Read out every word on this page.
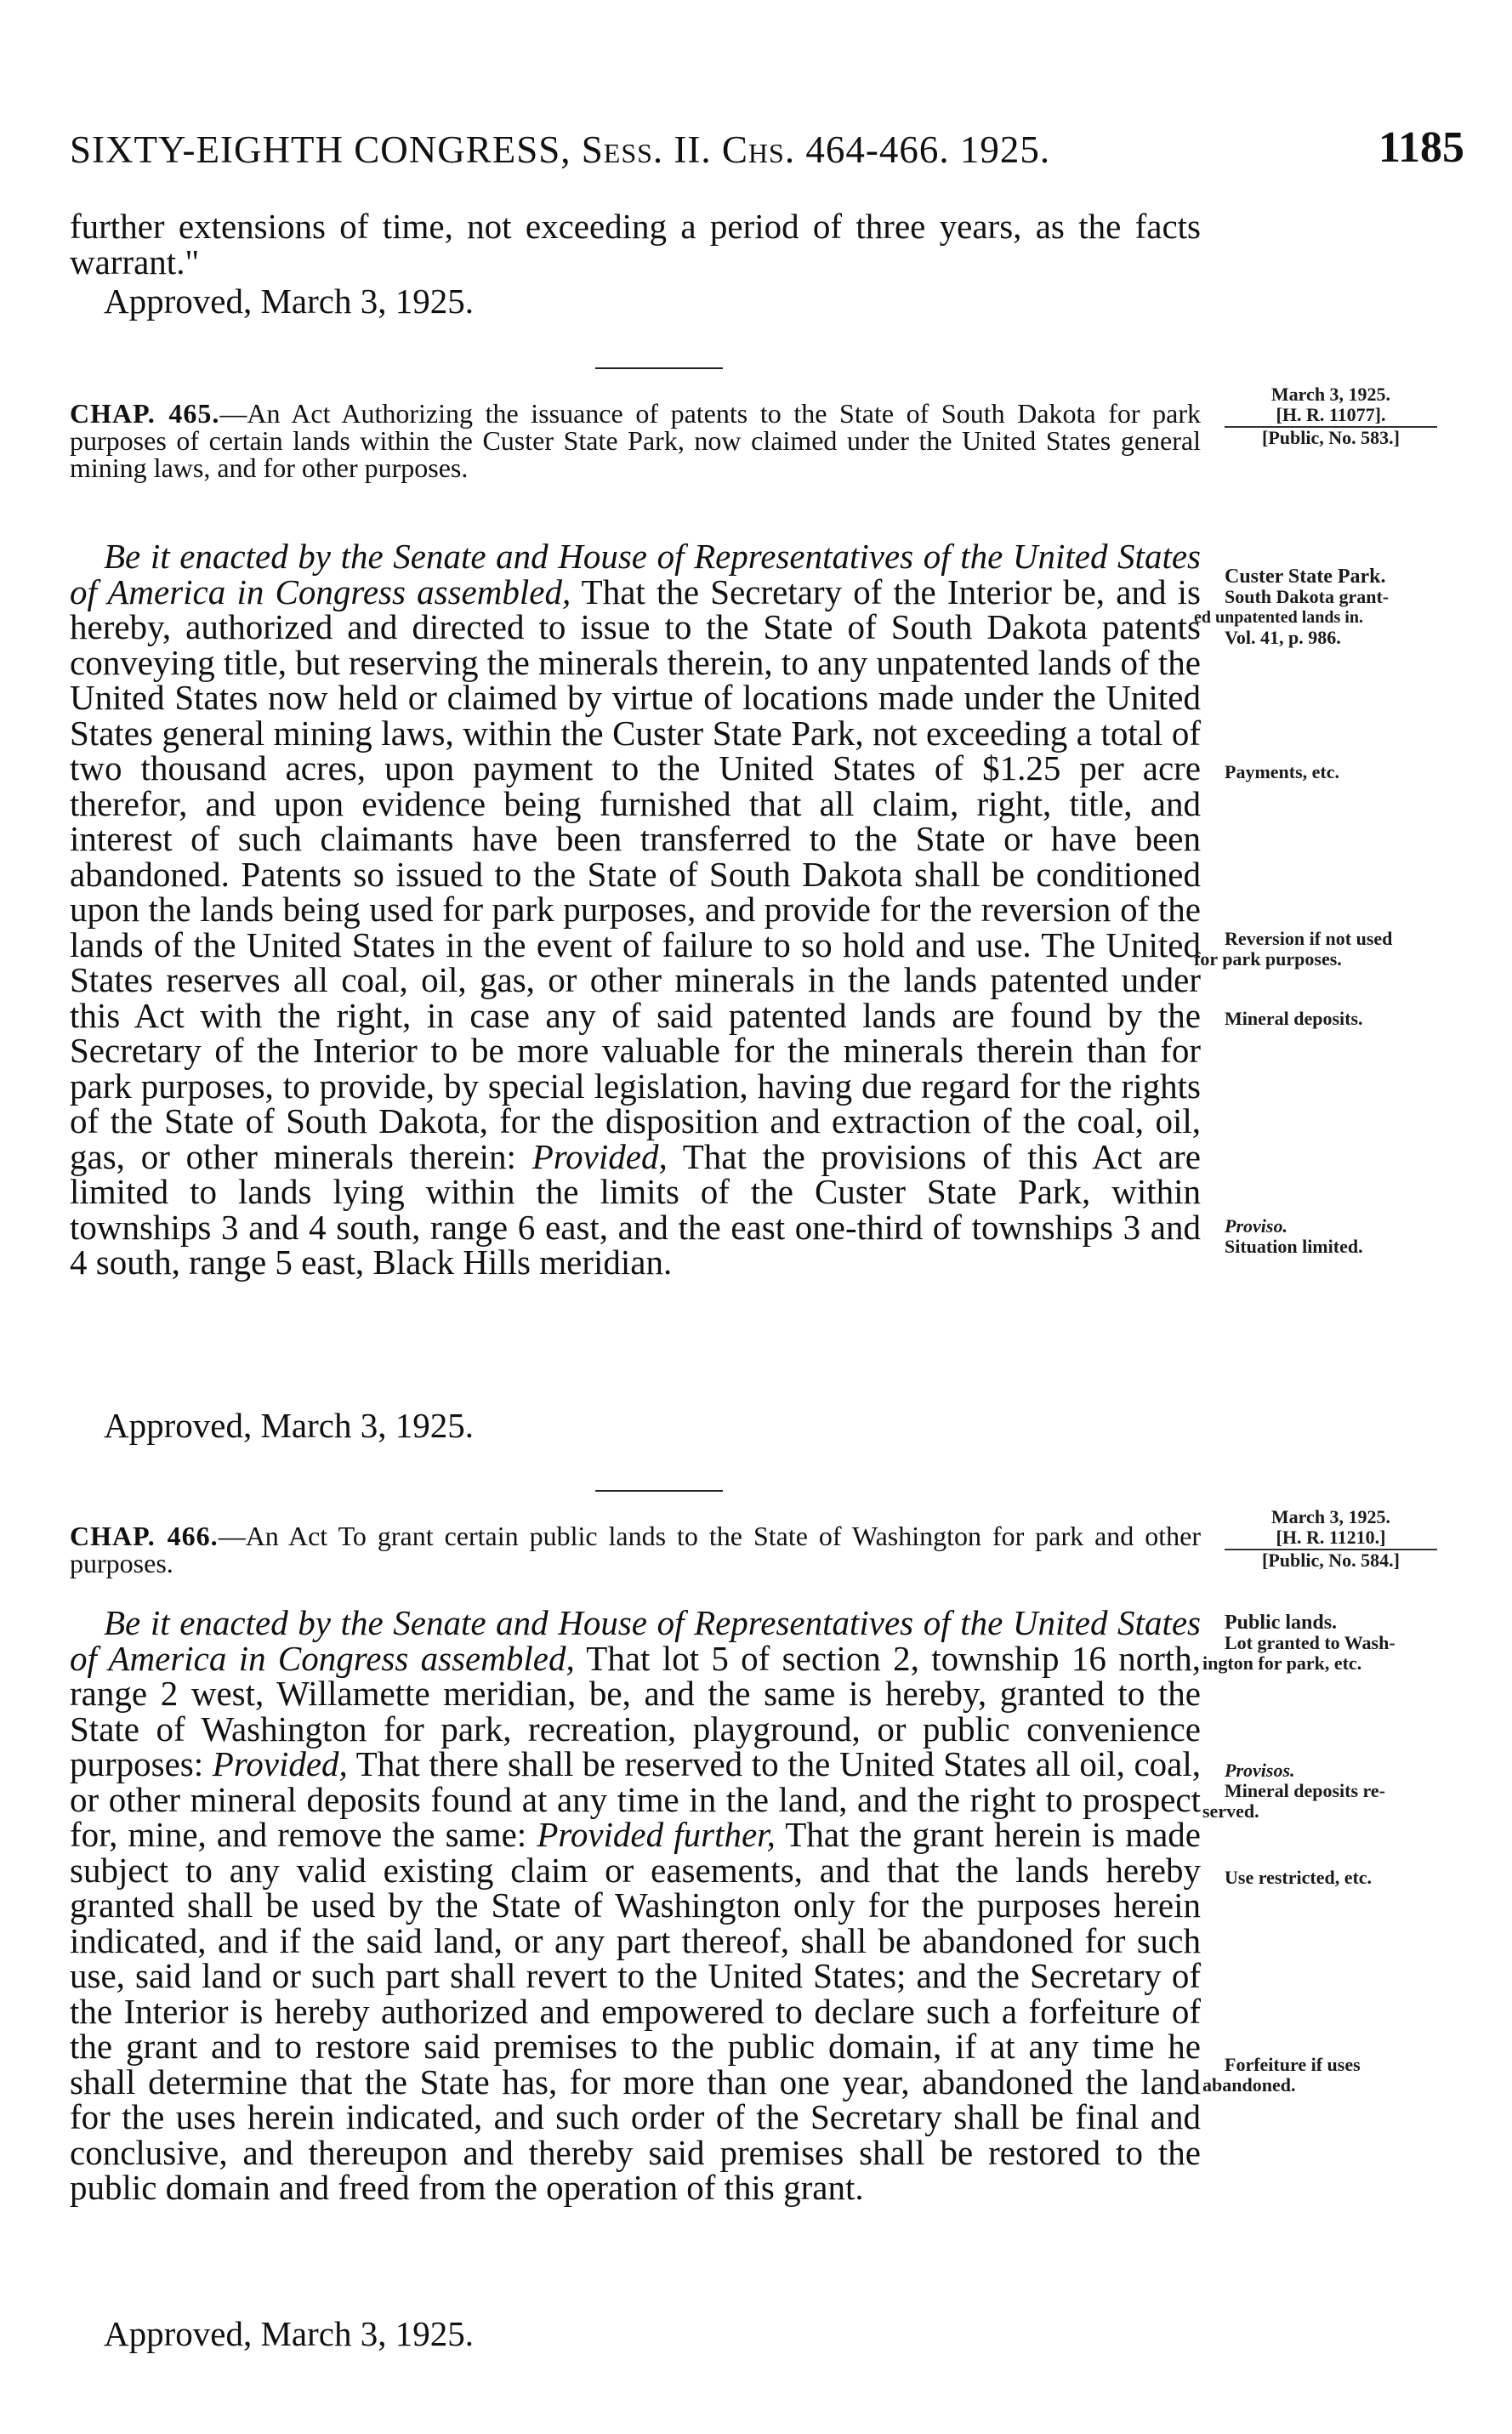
SIXTY-EIGHTH CONGRESS, Sess. II. Chs. 464-466. 1925.	1185

further extensions of time, not exceeding a period of three years, as the facts warrant."

Approved, March 3, 1925.
March 3, 1925.
[H. R. 11077].
[Public, No. 583.]
CHAP. 465.—An Act Authorizing the issuance of patents to the State of South Dakota for park purposes of certain lands within the Custer State Park, now claimed under the United States general mining laws, and for other purposes.

Be it enacted by the Senate and House of Representatives of the United States of America in Congress assembled, That the Secretary of the Interior be, and is hereby, authorized and directed to issue to the State of South Dakota patents conveying title, but reserving the minerals therein, to any unpatented lands of the United States now held or claimed by virtue of locations made under the United States general mining laws, within the Custer State Park, not exceeding a total of two thousand acres, upon payment to the United States of $1.25 per acre therefor, and upon evidence being furnished that all claim, right, title, and interest of such claimants have been transferred to the State or have been abandoned. Patents so issued to the State of South Dakota shall be conditioned upon the lands being used for park purposes, and provide for the reversion of the lands of the United States in the event of failure to so hold and use. The United States reserves all coal, oil, gas, or other minerals in the lands patented under this Act with the right, in case any of said patented lands are found by the Secretary of the Interior to be more valuable for the minerals therein than for park purposes, to provide, by special legislation, having due regard for the rights of the State of South Dakota, for the disposition and extraction of the coal, oil, gas, or other minerals therein: Provided, That the provisions of this Act are limited to lands lying within the limits of the Custer State Park, within townships 3 and 4 south, range 6 east, and the east one-third of townships 3 and 4 south, range 5 east, Black Hills meridian.

Approved, March 3, 1925.
Custer State Park.
South Dakota grant-
ed unpatented lands in.
Vol. 41, p. 986.
Payments, etc.
Reversion if not used
for park purposes.
Mineral deposits.
Proviso.
Situation limited.
March 3, 1925.
[H. R. 11210.]
[Public, No. 584.]
CHAP. 466.—An Act To grant certain public lands to the State of Washington for park and other purposes.

Be it enacted by the Senate and House of Representatives of the United States of America in Congress assembled, That lot 5 of section 2, township 16 north, range 2 west, Willamette meridian, be, and the same is hereby, granted to the State of Washington for park, recreation, playground, or public convenience purposes: Provided, That there shall be reserved to the United States all oil, coal, or other mineral deposits found at any time in the land, and the right to prospect for, mine, and remove the same: Provided further, That the grant herein is made subject to any valid existing claim or easements, and that the lands hereby granted shall be used by the State of Washington only for the purposes herein indicated, and if the said land, or any part thereof, shall be abandoned for such use, said land or such part shall revert to the United States; and the Secretary of the Interior is hereby authorized and empowered to declare such a forfeiture of the grant and to restore said premises to the public domain, if at any time he shall determine that the State has, for more than one year, abandoned the land for the uses herein indicated, and such order of the Secretary shall be final and conclusive, and thereupon and thereby said premises shall be restored to the public domain and freed from the operation of this grant.

Approved, March 3, 1925.
Public lands.
Lot granted to Wash-
ington for park, etc.
Provisos.
Mineral deposits re-
served.
Use restricted, etc.
Forfeiture if uses
abandoned.
